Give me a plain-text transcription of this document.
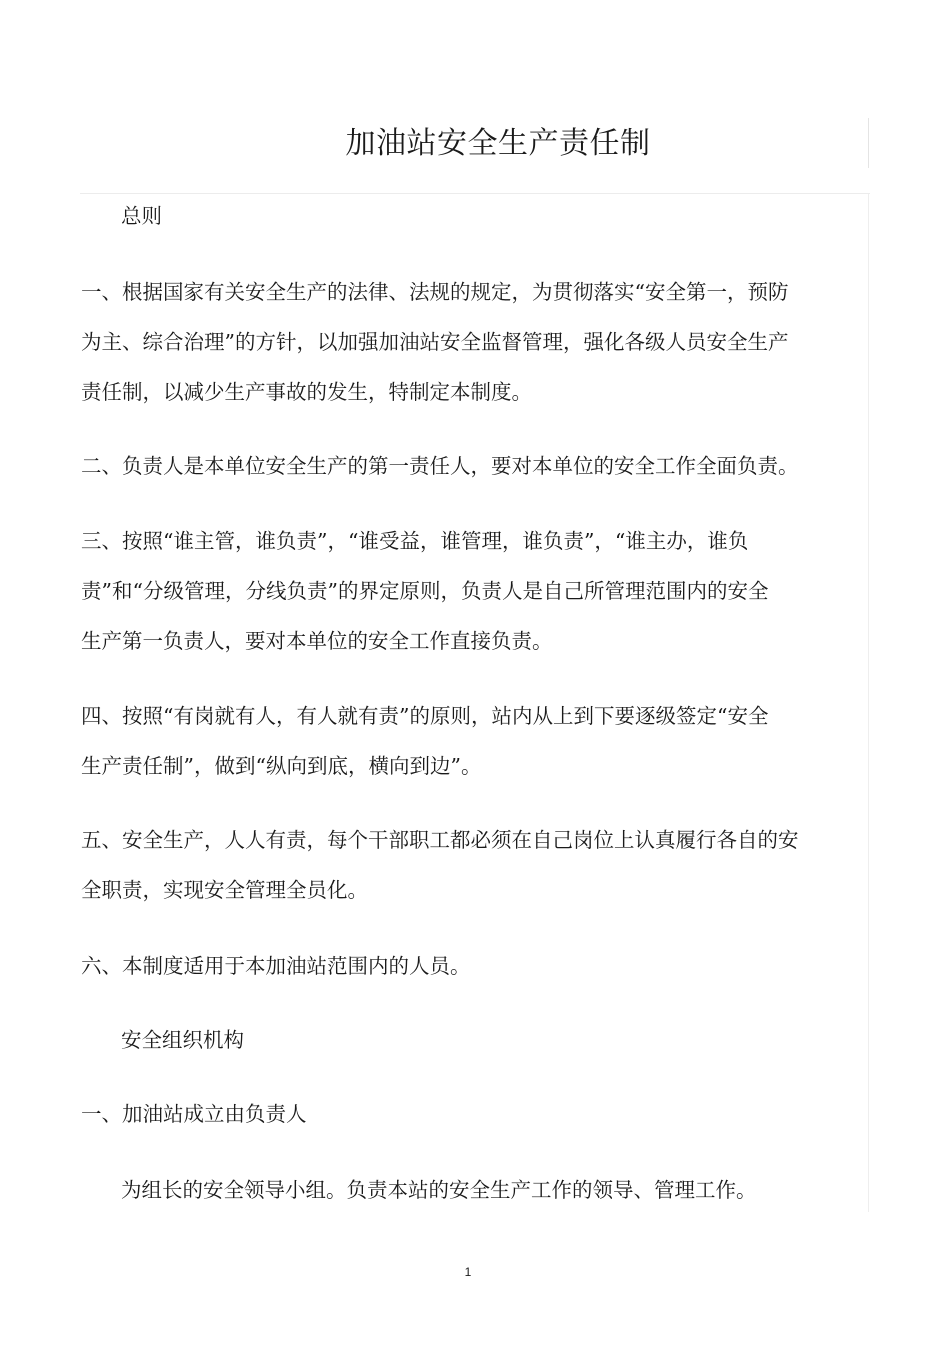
加油站安全生产责任制
总则
一、根据国家有关安全生产的法律、法规的规定，为贯彻落实“安全第一，预防
为主、综合治理”的方针，以加强加油站安全监督管理，强化各级人员安全生产
责任制，以减少生产事故的发生，特制定本制度。
二、负责人是本单位安全生产的第一责任人，要对本单位的安全工作全面负责。
三、按照“谁主管，谁负责”，“谁受益，谁管理，谁负责”，“谁主办，谁负
责”和“分级管理，分线负责”的界定原则，负责人是自己所管理范围内的安全
生产第一负责人，要对本单位的安全工作直接负责。
四、按照“有岗就有人，有人就有责”的原则，站内从上到下要逐级签定“安全
生产责任制”，做到“纵向到底，横向到边”。
五、安全生产，人人有责，每个干部职工都必须在自己岗位上认真履行各自的安
全职责，实现安全管理全员化。
六、本制度适用于本加油站范围内的人员。
安全组织机构
一、加油站成立由负责人
为组长的安全领导小组。负责本站的安全生产工作的领导、管理工作。
1
